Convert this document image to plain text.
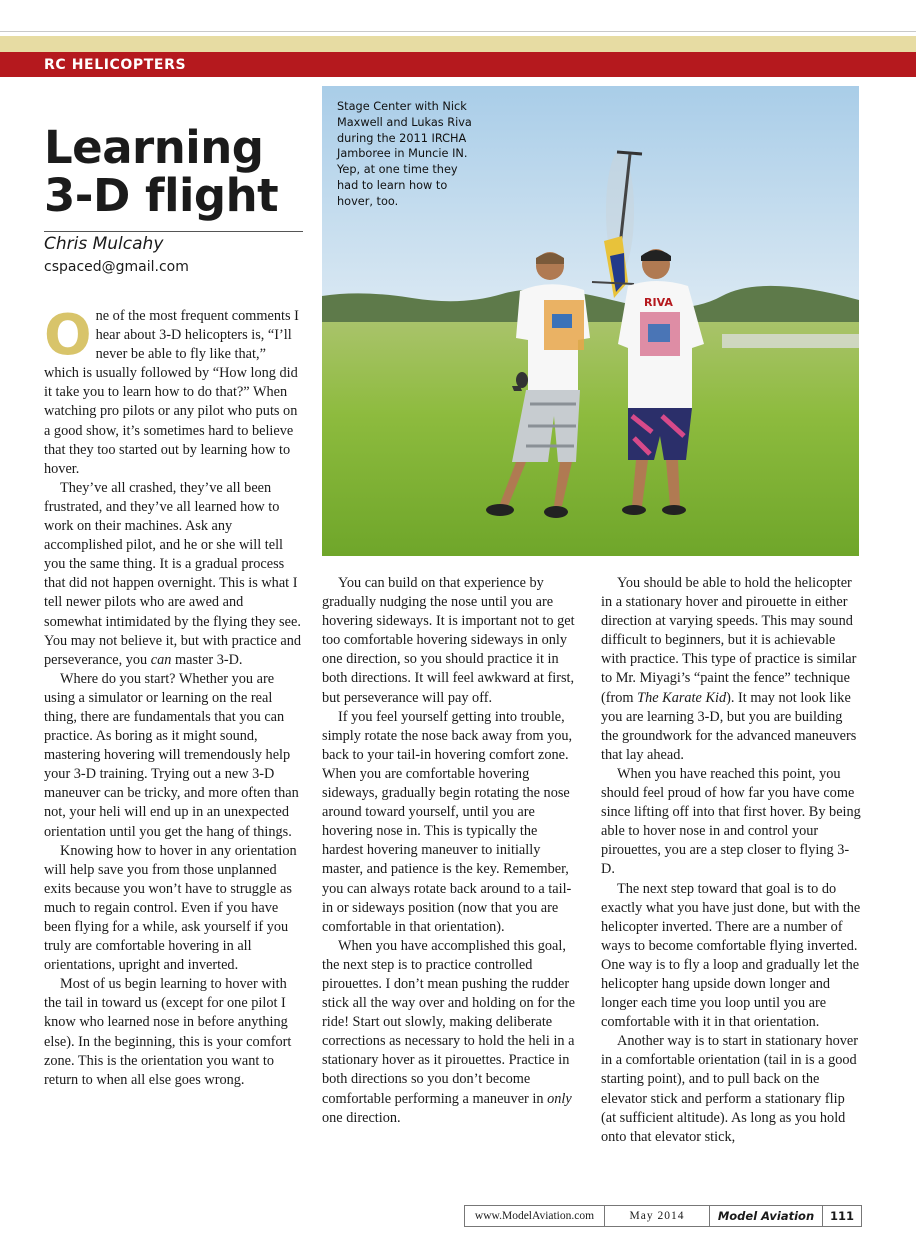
RC HELICOPTERS
Learning
3-D flight
Chris Mulcahy
cspaced@gmail.com
RIVA
Stage Center with Nick Maxwell and Lukas Riva during the 2011 IRCHA Jamboree in Muncie IN. Yep, at one time they had to learn how to hover, too.

One of the most frequent comments I hear about 3-D helicopters is, “I’ll never be able to fly like that,” which is usually followed by “How long did it take you to learn how to do that?” When watching pro pilots or any pilot who puts on a good show, it’s sometimes hard to believe that they too started out by learning how to hover.

They’ve all crashed, they’ve all been frustrated, and they’ve all learned how to work on their machines. Ask any accomplished pilot, and he or she will tell you the same thing. It is a gradual process that did not happen overnight. This is what I tell newer pilots who are awed and somewhat intimidated by the flying they see. You may not believe it, but with practice and perseverance, you can master 3-D.

Where do you start? Whether you are using a simulator or learning on the real thing, there are fundamentals that you can practice. As boring as it might sound, mastering hovering will tremendously help your 3-D training. Trying out a new 3-D maneuver can be tricky, and more often than not, your heli will end up in an unexpected orientation until you get the hang of things.

Knowing how to hover in any orientation will help save you from those unplanned exits because you won’t have to struggle as much to regain control. Even if you have been flying for a while, ask yourself if you truly are comfortable hovering in all orientations, upright and inverted.

Most of us begin learning to hover with the tail in toward us (except for one pilot I know who learned nose in before anything else). In the beginning, this is your comfort zone. This is the orientation you want to return to when all else goes wrong.

You can build on that experience by gradually nudging the nose until you are hovering sideways. It is important not to get too comfortable hovering sideways in only one direction, so you should practice it in both directions. It will feel awkward at first, but perseverance will pay off.

If you feel yourself getting into trouble, simply rotate the nose back away from you, back to your tail-in hovering comfort zone. When you are comfortable hovering sideways, gradually begin rotating the nose around toward yourself, until you are hovering nose in. This is typically the hardest hovering maneuver to initially master, and patience is the key. Remember, you can always rotate back around to a tail-in or sideways position (now that you are comfortable in that orientation).

When you have accomplished this goal, the next step is to practice controlled pirouettes. I don’t mean pushing the rudder stick all the way over and holding on for the ride! Start out slowly, making deliberate corrections as necessary to hold the heli in a stationary hover as it pirouettes. Practice in both directions so you don’t become comfortable performing a maneuver in only one direction.

You should be able to hold the helicopter in a stationary hover and pirouette in either direction at varying speeds. This may sound difficult to beginners, but it is achievable with practice. This type of practice is similar to Mr. Miyagi’s “paint the fence” technique (from The Karate Kid). It may not look like you are learning 3-D, but you are building the groundwork for the advanced maneuvers that lay ahead.

When you have reached this point, you should feel proud of how far you have come since lifting off into that first hover. By being able to hover nose in and control your pirouettes, you are a step closer to flying 3-D.

The next step toward that goal is to do exactly what you have just done, but with the helicopter inverted. There are a number of ways to become comfortable flying inverted. One way is to fly a loop and gradually let the helicopter hang upside down longer and longer each time you loop until you are comfortable with it in that orientation.

Another way is to start in stationary hover in a comfortable orientation (tail in is a good starting point), and to pull back on the elevator stick and perform a stationary flip (at sufficient altitude). As long as you hold onto that elevator stick,

www.ModelAviation.com	May 2014	Model Aviation	111
